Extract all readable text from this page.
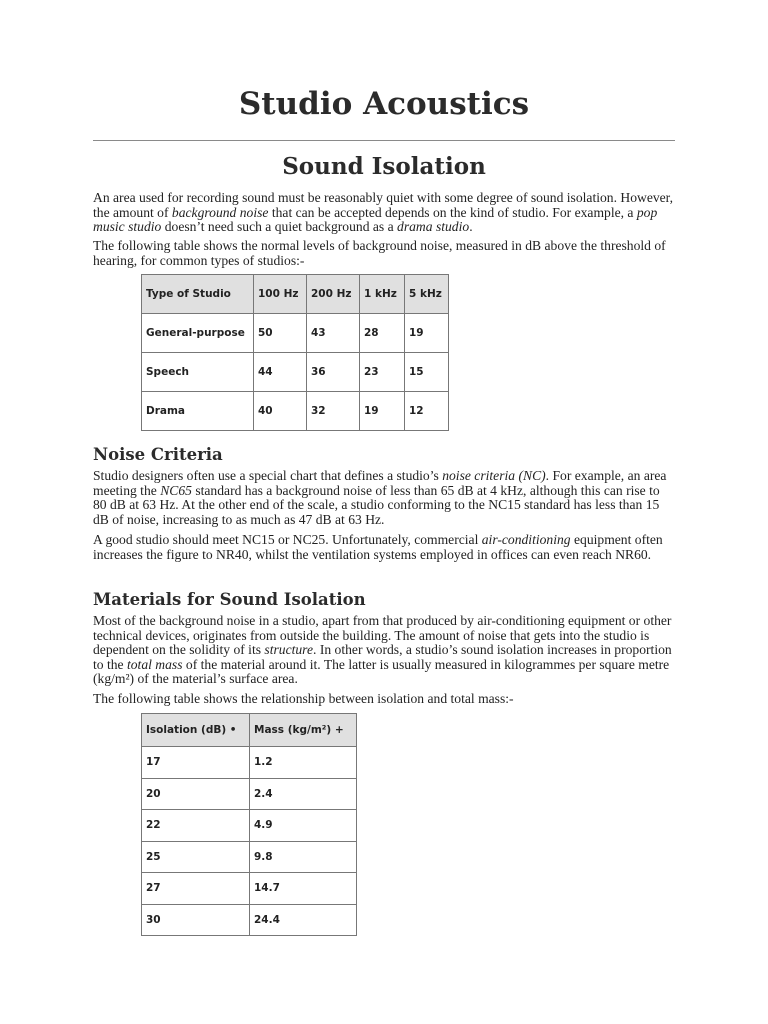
Studio Acoustics
Sound Isolation

An area used for recording sound must be reasonably quiet with some degree of sound isolation. However, the amount of background noise that can be accepted depends on the kind of studio. For example, a pop music studio doesn’t need such a quiet background as a drama studio.

The following table shows the normal levels of background noise, measured in dB above the threshold of hearing, for common types of studios:-

Type of Studio	100 Hz	200 Hz	1 kHz	5 kHz
General-purpose	50	43	28	19
Speech	44	36	23	15
Drama	40	32	19	12
Noise Criteria

Studio designers often use a special chart that defines a studio’s noise criteria (NC). For example, an area meeting the NC65 standard has a background noise of less than 65 dB at 4 kHz, although this can rise to 80 dB at 63 Hz. At the other end of the scale, a studio conforming to the NC15 standard has less than 15 dB of noise, increasing to as much as 47 dB at 63 Hz.

A good studio should meet NC15 or NC25. Unfortunately, commercial air-conditioning equipment often increases the figure to NR40, whilst the ventilation systems employed in offices can even reach NR60.

Materials for Sound Isolation

Most of the background noise in a studio, apart from that produced by air-conditioning equipment or other technical devices, originates from outside the building. The amount of noise that gets into the studio is dependent on the solidity of its structure. In other words, a studio’s sound isolation increases in proportion to the total mass of the material around it. The latter is usually measured in kilogrammes per square metre (kg/m²) of the material’s surface area.

The following table shows the relationship between isolation and total mass:-

Isolation (dB) •	Mass (kg/m²) +
17	1.2
20	2.4
22	4.9
25	9.8
27	14.7
30	24.4
